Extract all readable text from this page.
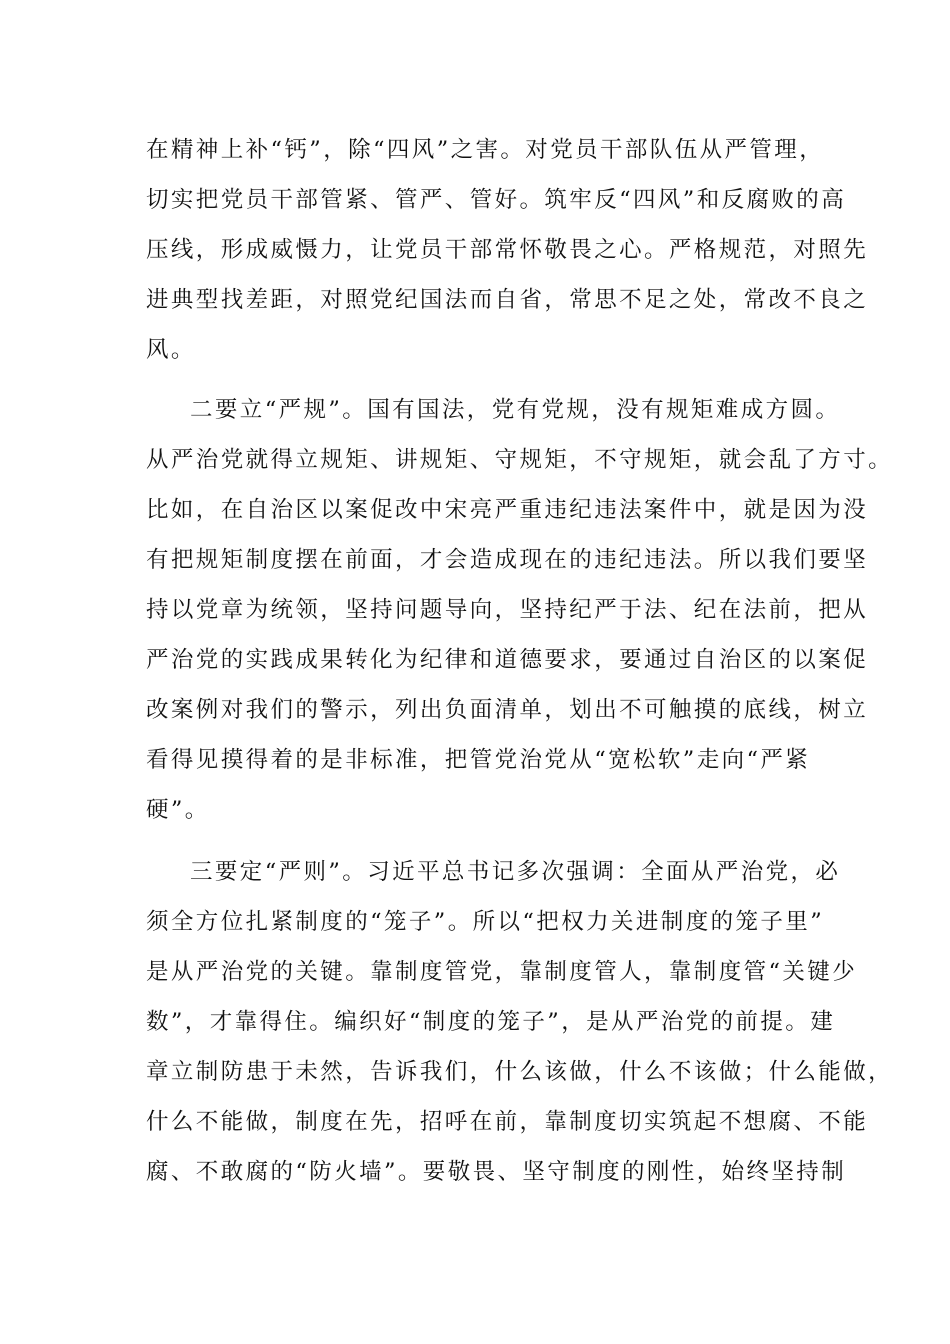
在精神上补“钙”，除“四风”之害。对党员干部队伍从严管理，
切实把党员干部管紧、管严、管好。筑牢反“四风”和反腐败的高
压线，形成威慑力，让党员干部常怀敬畏之心。严格规范，对照先
进典型找差距，对照党纪国法而自省，常思不足之处，常改不良之
风。
二要立“严规”。国有国法，党有党规，没有规矩难成方圆。
从严治党就得立规矩、讲规矩、守规矩，不守规矩，就会乱了方寸。
比如，在自治区以案促改中宋亮严重违纪违法案件中，就是因为没
有把规矩制度摆在前面，才会造成现在的违纪违法。所以我们要坚
持以党章为统领，坚持问题导向，坚持纪严于法、纪在法前，把从
严治党的实践成果转化为纪律和道德要求，要通过自治区的以案促
改案例对我们的警示，列出负面清单，划出不可触摸的底线，树立
看得见摸得着的是非标准，把管党治党从“宽松软”走向“严紧
硬”。
三要定“严则”。习近平总书记多次强调：全面从严治党，必
须全方位扎紧制度的“笼子”。所以“把权力关进制度的笼子里”
是从严治党的关键。靠制度管党，靠制度管人，靠制度管“关键少
数”，才靠得住。编织好“制度的笼子”，是从严治党的前提。建
章立制防患于未然，告诉我们，什么该做，什么不该做；什么能做，
什么不能做，制度在先，招呼在前，靠制度切实筑起不想腐、不能
腐、不敢腐的“防火墙”。要敬畏、坚守制度的刚性，始终坚持制
